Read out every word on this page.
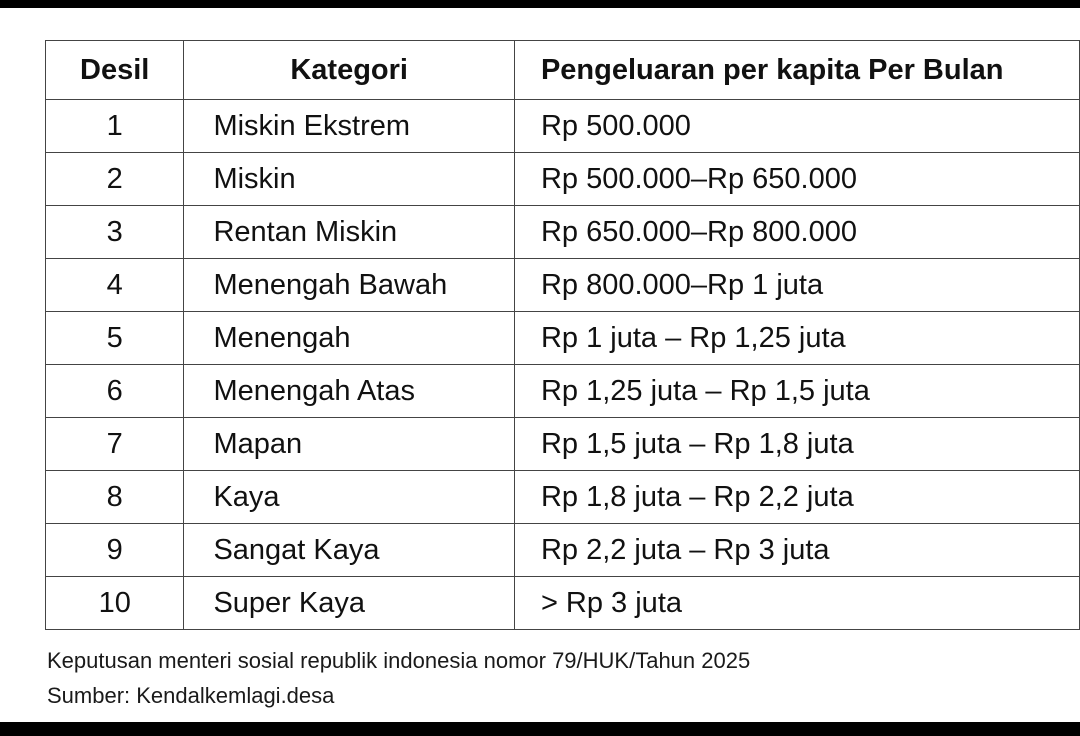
Desil	Kategori	Pengeluaran per kapita Per Bulan
1	Miskin Ekstrem	Rp 500.000
2	Miskin	Rp 500.000–Rp 650.000
3	Rentan Miskin	Rp 650.000–Rp 800.000
4	Menengah Bawah	Rp 800.000–Rp 1 juta
5	Menengah	Rp 1 juta – Rp 1,25 juta
6	Menengah Atas	Rp 1,25 juta – Rp 1,5 juta
7	Mapan	Rp 1,5 juta – Rp 1,8 juta
8	Kaya	Rp 1,8 juta – Rp 2,2 juta
9	Sangat Kaya	Rp 2,2 juta – Rp 3 juta
10	Super Kaya	> Rp 3 juta
Keputusan menteri sosial republik indonesia nomor 79/HUK/Tahun 2025
Sumber: Kendalkemlagi.desa
